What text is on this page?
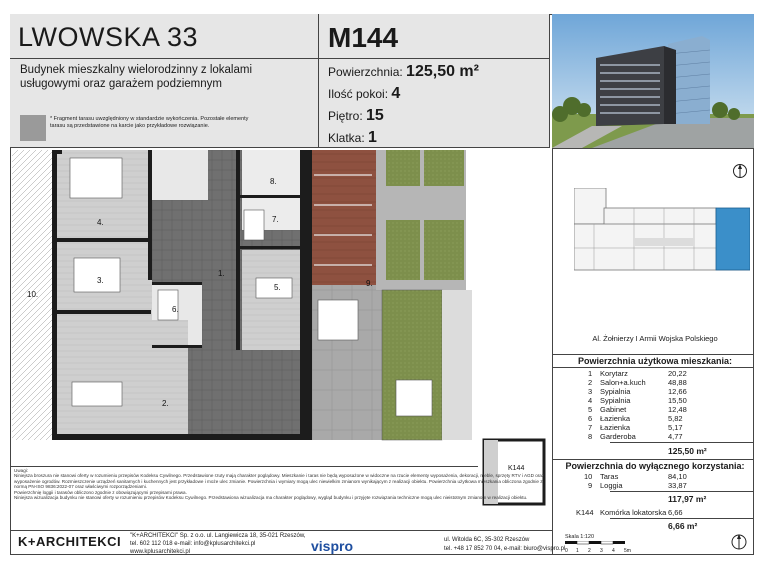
LWOWSKA 33	M144
Budynek mieszkalny wielorodzinny z lokalami usługowymi oraz garażem podziemnym
* Fragment tarasu uwzględniony w standardzie wykończenia. Pozostałe elementy tarasu są przedstawione na karcie jako przykładowe rozwiązanie.
Powierzchnia: 125,50 m²
Ilość pokoi: 4
Piętro: 15
Klatka: 1
1.
2.
3.
4.
5.
6.
7.
8.
9.
10.
K144
Al. Żołnierzy I Armii Wojska Polskiego
Powierzchnia użytkowa mieszkania:
1 Korytarz	20,22
2 Salon+a.kuch	48,88
3 Sypialnia	12,66
4 Sypialnia	15,50
5 Gabinet	12,48
6 Łazienka	5,82
7 Łazienka	5,17
8 Garderoba	4,77
125,50 m²
Powierzchnia do wyłącznego korzystania:
10 Taras	84,10
9 Loggia	33,87
117,97 m²
K144 Komórka lokatorska 6,66
6,66 m²
Uwagi:
Niniejsza broszura nie stanowi oferty w rozumieniu przepisów Kodeksu Cywilnego. Przedstawione rzuty mają charakter poglądowy. Mieszkanie i taras nie będą wyposażone w widoczne na rzucie elementy wyposażenia, dekoracji, meble, sprzęty RTV i AGD oraz wyposażenie ogrodów. Rozmieszczenie urządzeń sanitarnych i kuchennych jest przykładowe i może ulec zmianie. Powierzchnia i wymiary mogą ulec niewielkim zmianom wynikającym z realizacji obiektu. Powierzchnia użytkowa mieszkania obliczona zgodnie z normą PN-ISO 9836:2022-07 oraz właściwymi rozporządzeniami.
Powierzchnię loggii i tarasów obliczono zgodnie z obowiązującymi przepisami prawa.
Niniejsza wizualizacja budynku nie stanowi oferty w rozumieniu przepisów Kodeksu Cywilnego. Przedstawiona wizualizacja ma charakter poglądowy, wygląd budynku i przyjęte rozwiązania techniczne mogą ulec nieistotnym zmianom w realizacji obiektu.
K+ARCHITEKCI "K+ARCHITEKCI" Sp. z o.o. ul. Langiewicza 18, 35-021 Rzeszów,
tel. 602 112 018 e-mail: info@kplusarchitekci.pl
www.kplusarchitekci.pl	vispro	ul. Witolda 6C, 35-302 Rzeszów
tel. +48 17 852 70 04, e-mail: biuro@vispro.pl
Skala 1:120
0 1 2 3 4 5m
